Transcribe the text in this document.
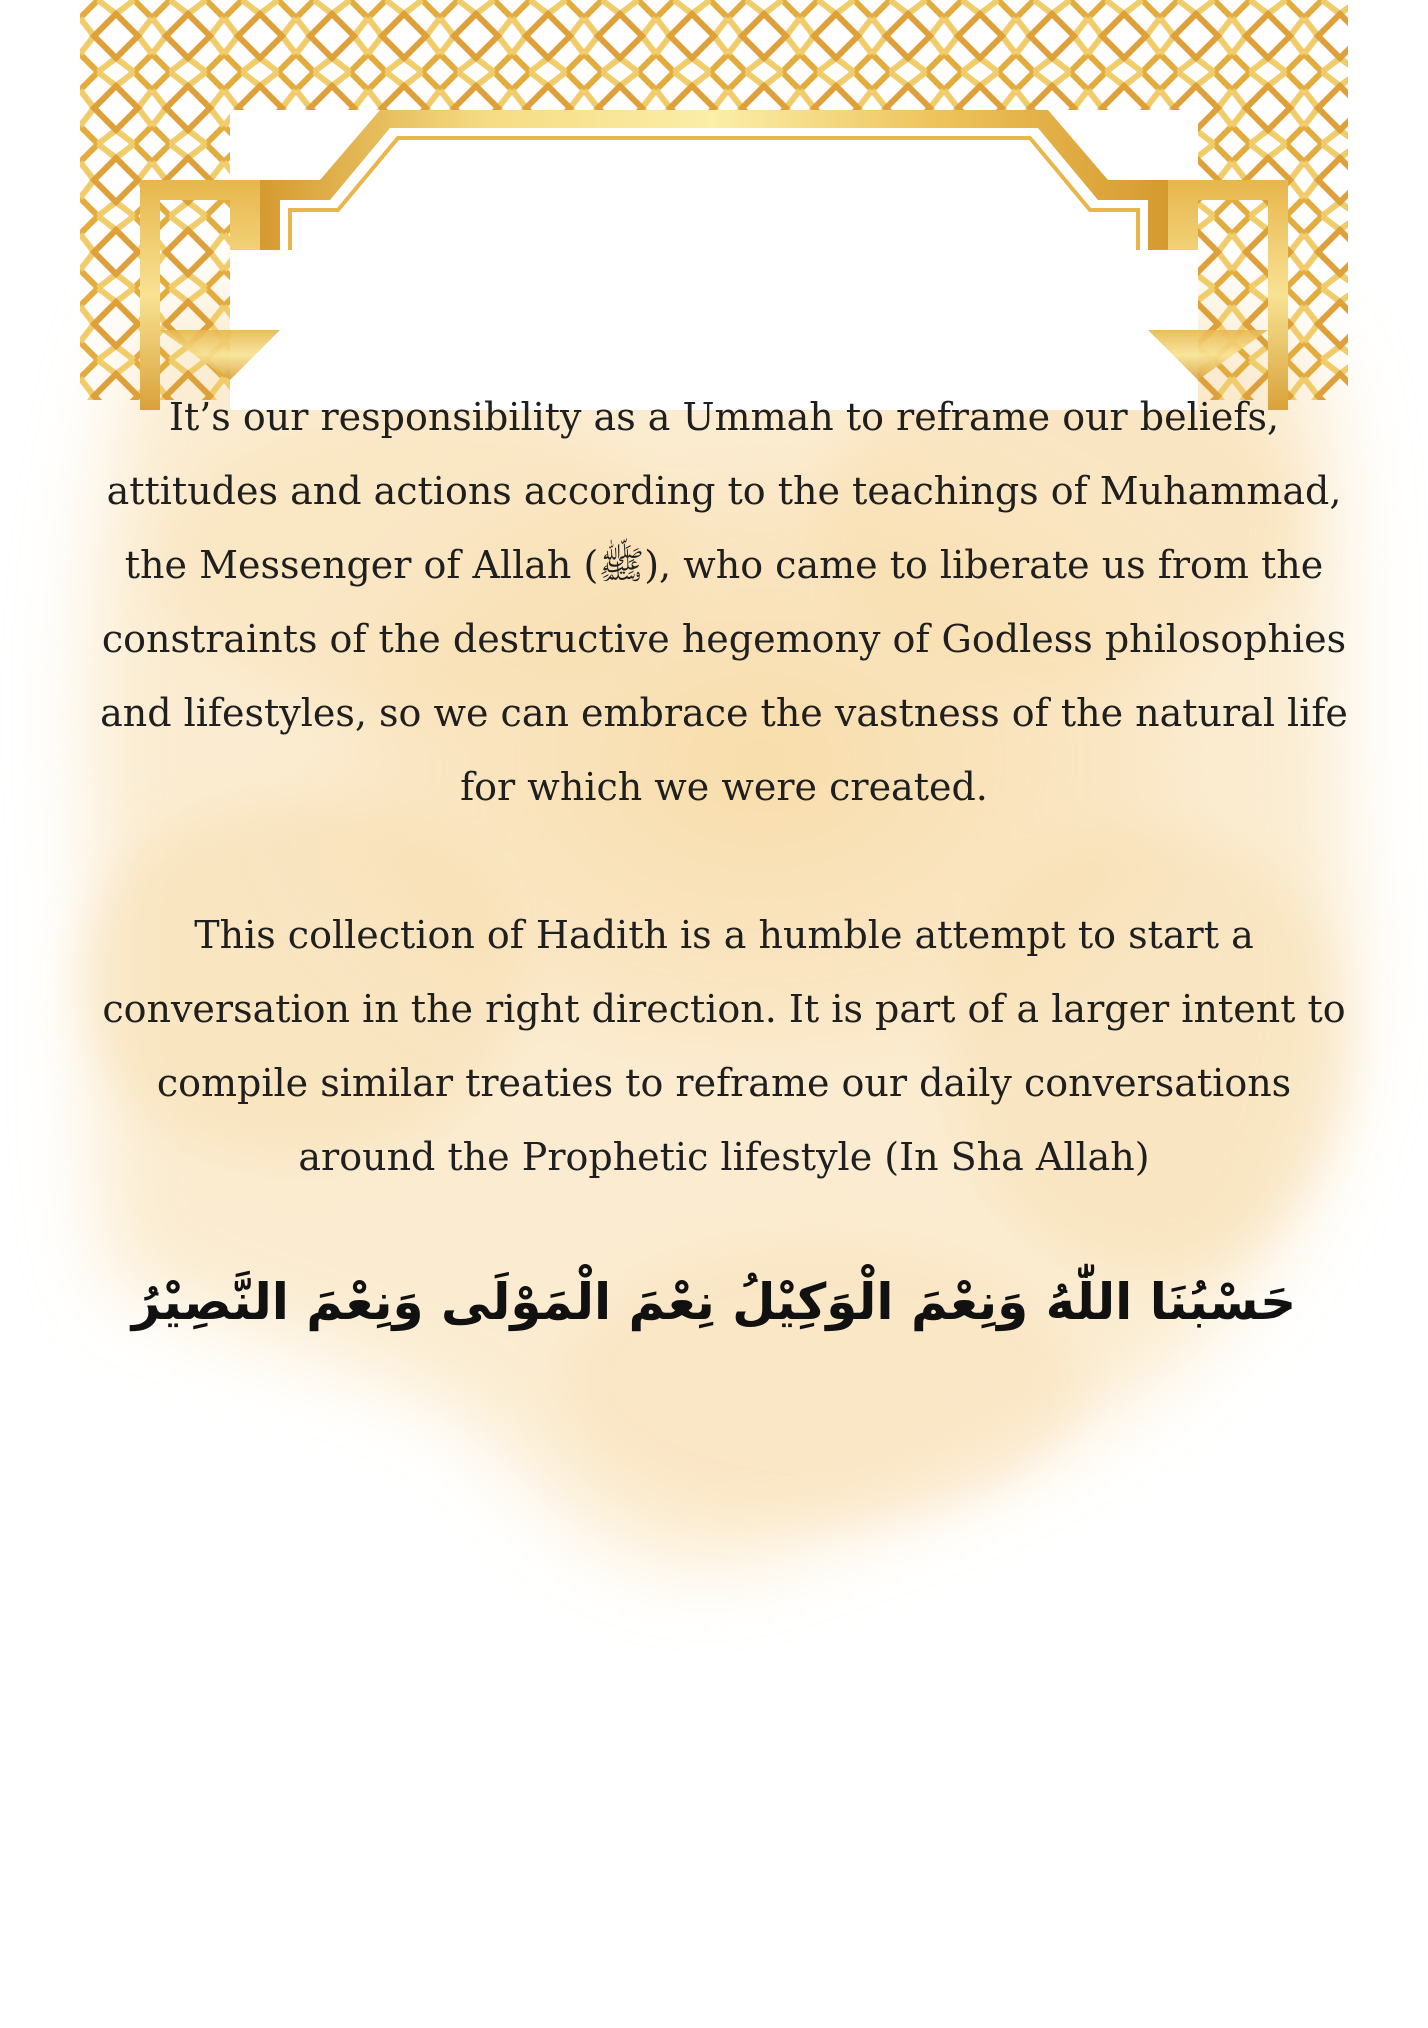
It’s our responsibility as a Ummah to reframe our beliefs, attitudes and actions according to the teachings of Muhammad, the Messenger of Allah (ﷺ), who came to liberate us from the constraints of the destructive hegemony of Godless philosophies and lifestyles, so we can embrace the vastness of the natural life for which we were created.

This collection of Hadith is a humble attempt to start a conversation in the right direction. It is part of a larger intent to compile similar treaties to reframe our daily conversations around the Prophetic lifestyle (In Sha Allah)

حَسْبُنَا اللّٰهُ وَنِعْمَ الْوَكِيْلُ نِعْمَ الْمَوْلَى وَنِعْمَ النَّصِيْرُ
